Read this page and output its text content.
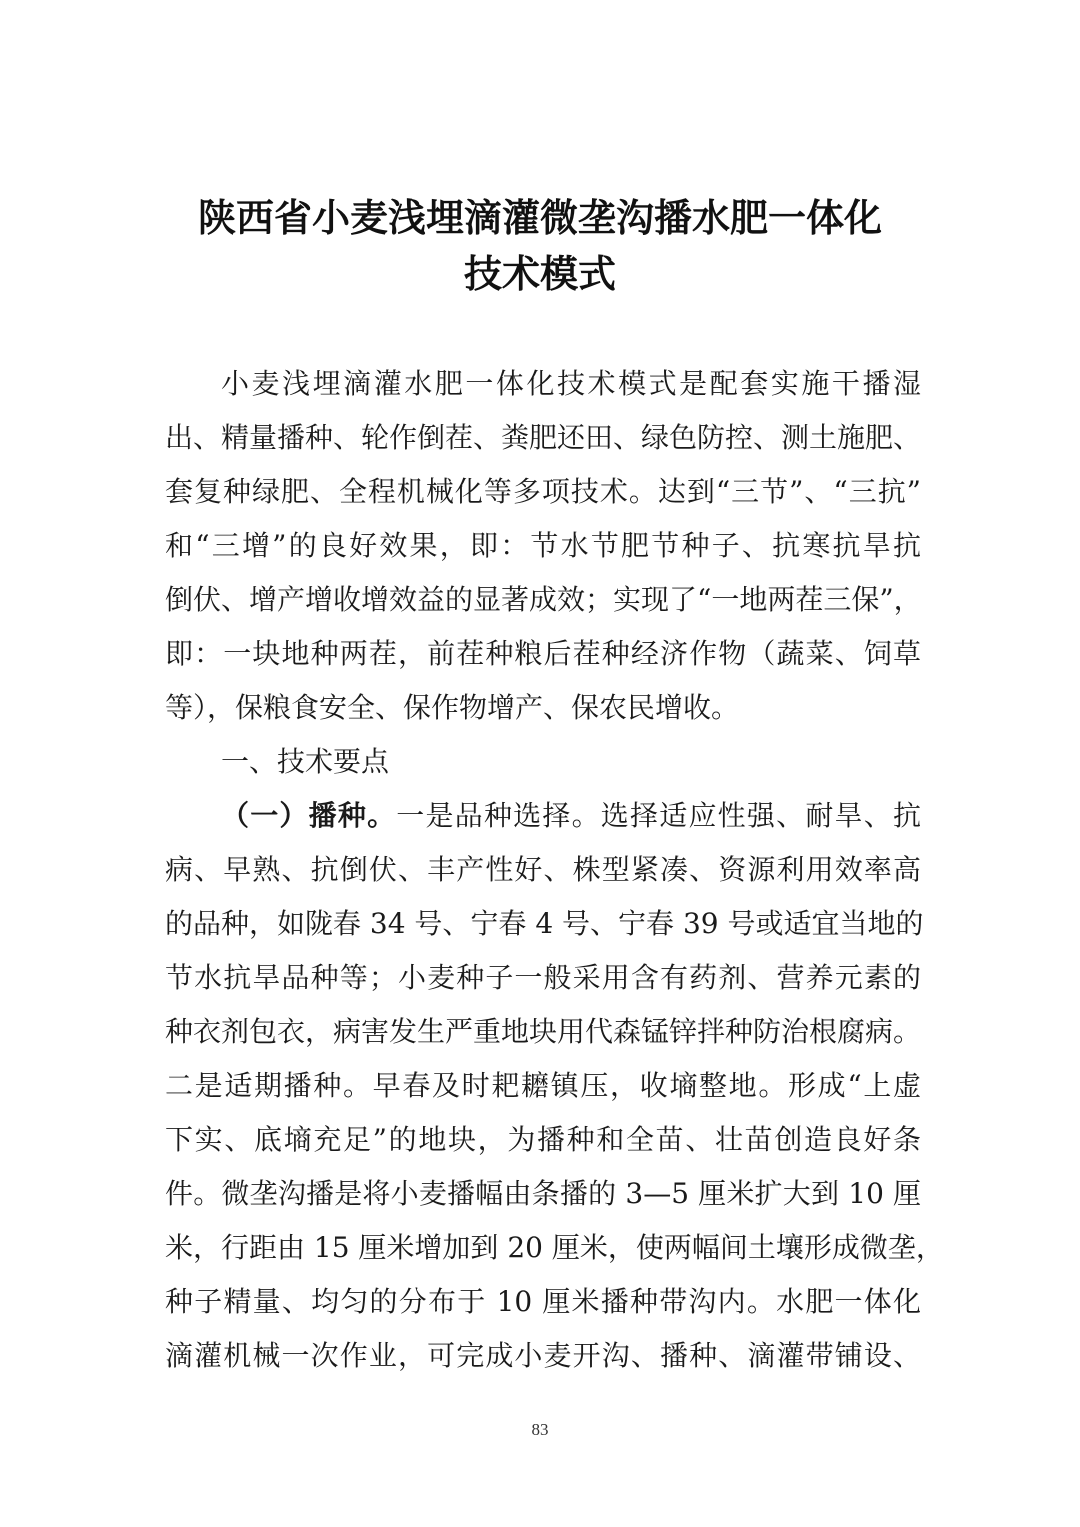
陕西省小麦浅埋滴灌微垄沟播水肥一体化
技术模式
小麦浅埋滴灌水肥一体化技术模式是配套实施干播湿
出、精量播种、轮作倒茬、粪肥还田、绿色防控、测土施肥、
套复种绿肥、全程机械化等多项技术。达到“三节”、“三抗”
和“三增”的良好效果，即：节水节肥节种子、抗寒抗旱抗
倒伏、增产增收增效益的显著成效；实现了“一地两茬三保”，
即：一块地种两茬，前茬种粮后茬种经济作物（蔬菜、饲草
等），保粮食安全、保作物增产、保农民增收。
一、技术要点
（一）播种。一是品种选择。选择适应性强、耐旱、抗
病、早熟、抗倒伏、丰产性好、株型紧凑、资源利用效率高
的品种，如陇春 34 号、宁春 4 号、宁春 39 号或适宜当地的
节水抗旱品种等；小麦种子一般采用含有药剂、营养元素的
种衣剂包衣，病害发生严重地块用代森锰锌拌种防治根腐病。
二是适期播种。早春及时耙耱镇压，收墒整地。形成“上虚
下实、底墒充足”的地块，为播种和全苗、壮苗创造良好条
件。微垄沟播是将小麦播幅由条播的 3—5 厘米扩大到 10 厘
米，行距由 15 厘米增加到 20 厘米，使两幅间土壤形成微垄，
种子精量、均匀的分布于 10 厘米播种带沟内。水肥一体化
滴灌机械一次作业，可完成小麦开沟、播种、滴灌带铺设、
83
